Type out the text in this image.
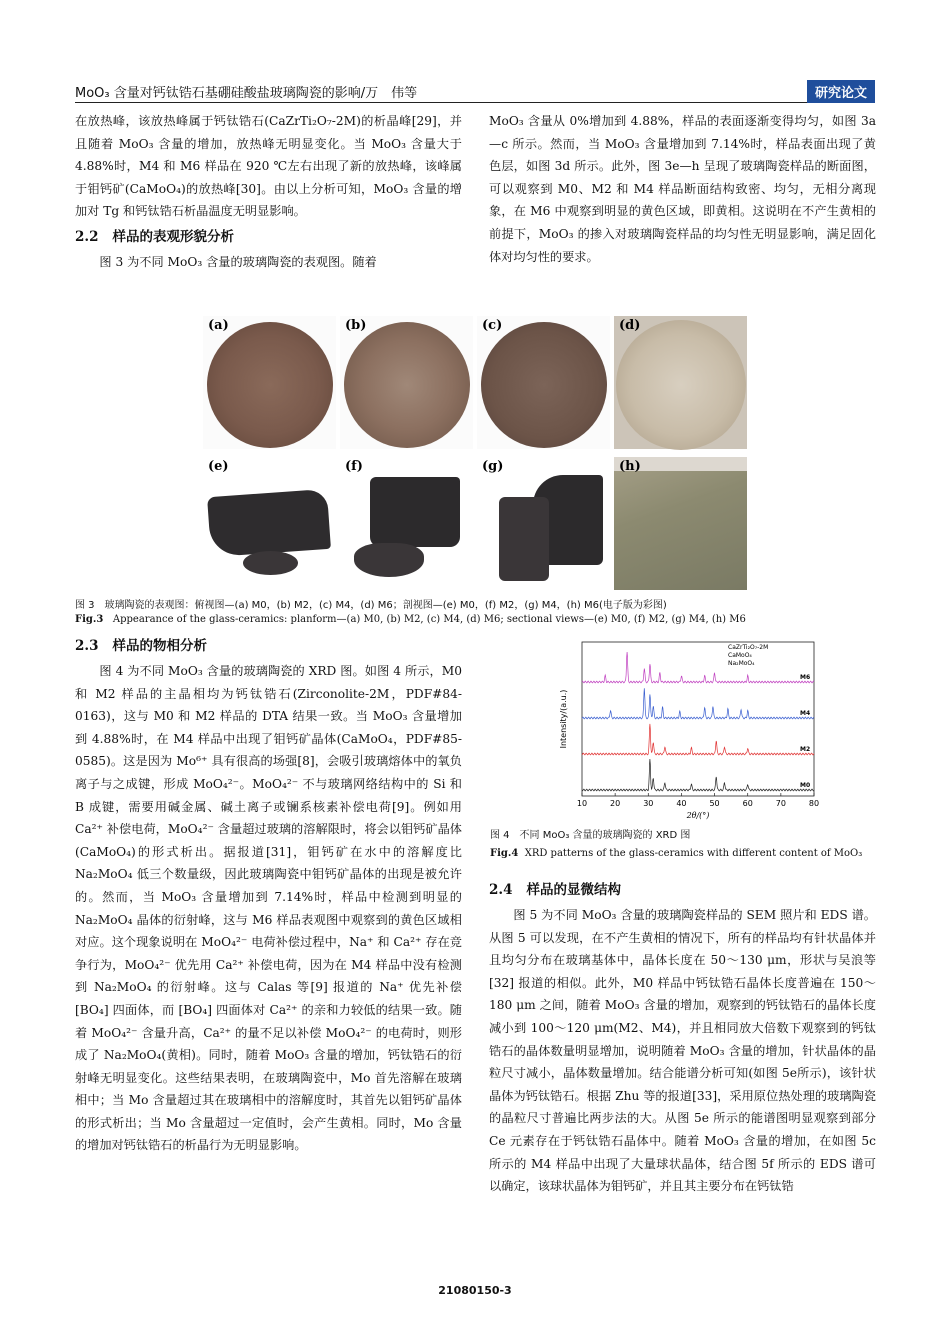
MoO₃ 含量对钙钛锆石基硼硅酸盐玻璃陶瓷的影响/万　伟等	研究论文

在放热峰，该放热峰属于钙钛锆石(CaZrTi₂O₇-2M)的析晶峰[29]，并且随着 MoO₃ 含量的增加，放热峰无明显变化。当 MoO₃ 含量大于 4.88%时，M4 和 M6 样品在 920 ℃左右出现了新的放热峰，该峰属于钼钙矿(CaMoO₄)的放热峰[30]。由以上分析可知，MoO₃ 含量的增加对 Tg 和钙钛锆石析晶温度无明显影响。

2.2 样品的表观形貌分析

图 3 为不同 MoO₃ 含量的玻璃陶瓷的表观图。随着

MoO₃ 含量从 0%增加到 4.88%，样品的表面逐渐变得均匀，如图 3a—c 所示。然而，当 MoO₃ 含量增加到 7.14%时，样品表面出现了黄色层，如图 3d 所示。此外，图 3e—h 呈现了玻璃陶瓷样品的断面图，可以观察到 M0、M2 和 M4 样品断面结构致密、均匀，无相分离现象，在 M6 中观察到明显的黄色区域，即黄相。这说明在不产生黄相的前提下，MoO₃ 的掺入对玻璃陶瓷样品的均匀性无明显影响，满足固化体对均匀性的要求。

(a)	(b)	(c)	(d)
(e)	(f)	(g)	(h)
图 3　玻璃陶瓷的表观图：俯视图—(a) M0，(b) M2，(c) M4，(d) M6；剖视图—(e) M0，(f) M2，(g) M4，(h) M6(电子版为彩图)
Fig.3 Appearance of the glass-ceramics: planform—(a) M0, (b) M2, (c) M4, (d) M6; sectional views—(e) M0, (f) M2, (g) M4, (h) M6
2.3 样品的物相分析

图 4 为不同 MoO₃ 含量的玻璃陶瓷的 XRD 图。如图 4 所示，M0 和 M2 样品的主晶相均为钙钛锆石(Zirconolite-2M，PDF#84-0163)，这与 M0 和 M2 样品的 DTA 结果一致。当 MoO₃ 含量增加到 4.88%时，在 M4 样品中出现了钼钙矿晶体(CaMoO₄，PDF#85-0585)。这是因为 Mo⁶⁺ 具有很高的场强[8]，会吸引玻璃熔体中的氧负离子与之成键，形成 MoO₄²⁻。MoO₄²⁻ 不与玻璃网络结构中的 Si 和 B 成键，需要用碱金属、碱土离子或镧系核素补偿电荷[9]。例如用 Ca²⁺ 补偿电荷，MoO₄²⁻ 含量超过玻璃的溶解限时，将会以钼钙矿晶体(CaMoO₄)的形式析出。据报道[31]，钼钙矿在水中的溶解度比 Na₂MoO₄ 低三个数量级，因此玻璃陶瓷中钼钙矿晶体的出现是被允许的。然而，当 MoO₃ 含量增加到 7.14%时，样品中检测到明显的 Na₂MoO₄ 晶体的衍射峰，这与 M6 样品表观图中观察到的黄色区域相对应。这个现象说明在 MoO₄²⁻ 电荷补偿过程中，Na⁺ 和 Ca²⁺ 存在竞争行为，MoO₄²⁻ 优先用 Ca²⁺ 补偿电荷，因为在 M4 样品中没有检测到 Na₂MoO₄ 的衍射峰。这与 Calas 等[9] 报道的 Na⁺ 优先补偿 [BO₄] 四面体，而 [BO₄] 四面体对 Ca²⁺ 的亲和力较低的结果一致。随着 MoO₄²⁻ 含量升高，Ca²⁺ 的量不足以补偿 MoO₄²⁻ 的电荷时，则形成了 Na₂MoO₄(黄相)。同时，随着 MoO₃ 含量的增加，钙钛锆石的衍射峰无明显变化。这些结果表明，在玻璃陶瓷中，Mo 首先溶解在玻璃相中；当 Mo 含量超过其在玻璃相中的溶解度时，其首先以钼钙矿晶体的形式析出；当 Mo 含量超过一定值时，会产生黄相。同时，Mo 含量的增加对钙钛锆石的析晶行为无明显影响。

M0
M2
M4
M6
10	20	30	40	50	60	70	80
Intensity/(a.u.)
2θ/(°)
CaZrTi₂O₇-2M
CaMoO₄
Na₂MoO₄
图 4　不同 MoO₃ 含量的玻璃陶瓷的 XRD 图
Fig.4 XRD patterns of the glass-ceramics with different content of MoO₃
2.4 样品的显微结构

图 5 为不同 MoO₃ 含量的玻璃陶瓷样品的 SEM 照片和 EDS 谱。从图 5 可以发现，在不产生黄相的情况下，所有的样品均有针状晶体并且均匀分布在玻璃基体中，晶体长度在 50～130 μm，形状与吴浪等[32] 报道的相似。此外，M0 样品中钙钛锆石晶体长度普遍在 150～180 μm 之间，随着 MoO₃ 含量的增加，观察到的钙钛锆石的晶体长度减小到 100～120 μm(M2、M4)，并且相同放大倍数下观察到的钙钛锆石的晶体数量明显增加，说明随着 MoO₃ 含量的增加，针状晶体的晶粒尺寸减小，晶体数量增加。结合能谱分析可知(如图 5e所示)，该针状晶体为钙钛锆石。根据 Zhu 等的报道[33]，采用原位热处理的玻璃陶瓷的晶粒尺寸普遍比两步法的大。从图 5e 所示的能谱图明显观察到部分 Ce 元素存在于钙钛锆石晶体中。随着 MoO₃ 含量的增加，在如图 5c 所示的 M4 样品中出现了大量球状晶体，结合图 5f 所示的 EDS 谱可以确定，该球状晶体为钼钙矿，并且其主要分布在钙钛锆

21080150-3
